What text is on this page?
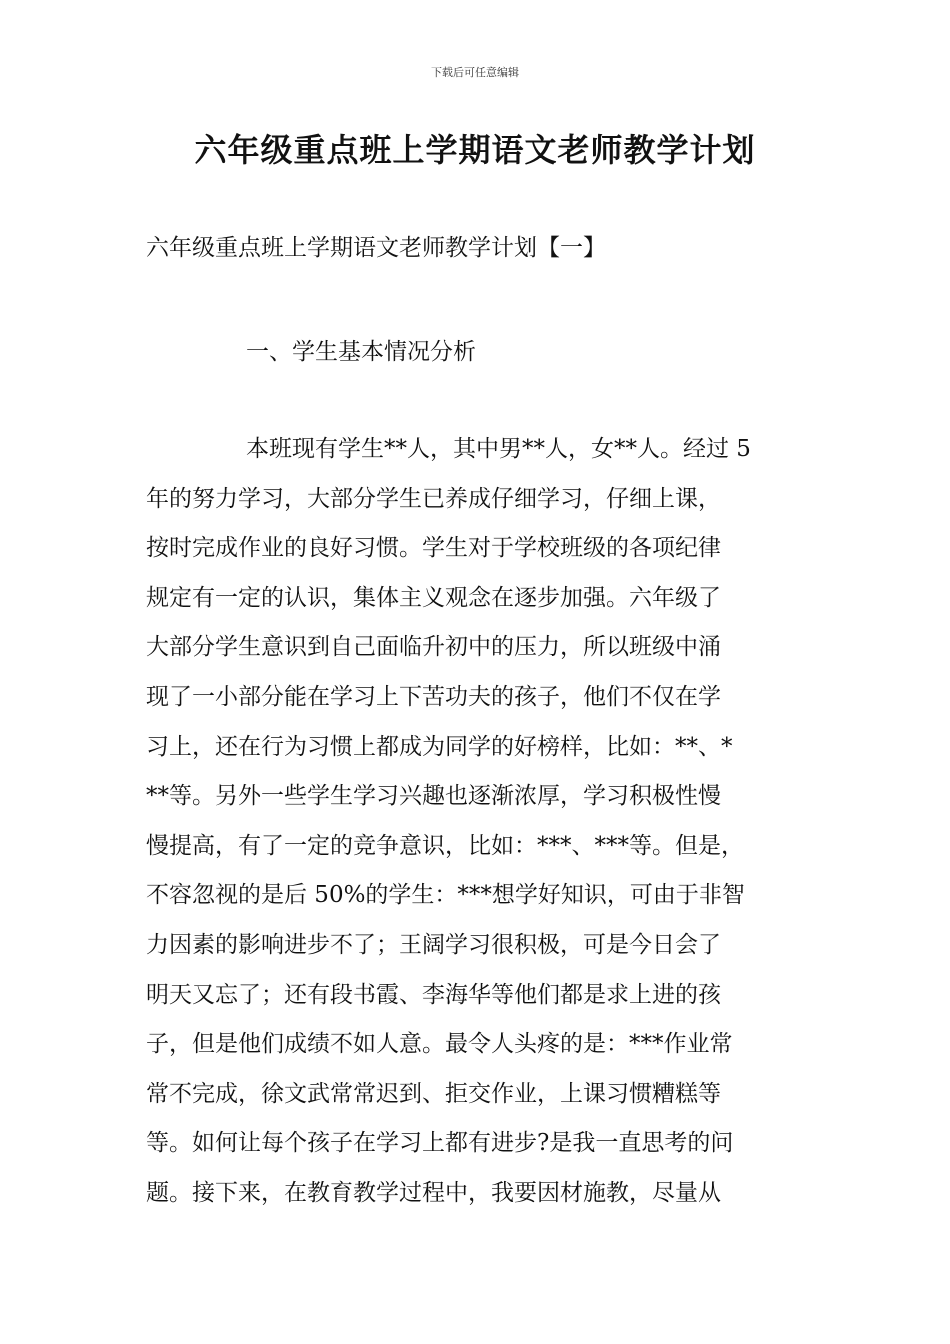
下载后可任意编辑
六年级重点班上学期语文老师教学计划
六年级重点班上学期语文老师教学计划【一】
一、学生基本情况分析
本班现有学生**人，其中男**人，女**人。经过 5
年的努力学习，大部分学生已养成仔细学习，仔细上课，
按时完成作业的良好习惯。学生对于学校班级的各项纪律
规定有一定的认识，集体主义观念在逐步加强。六年级了
大部分学生意识到自己面临升初中的压力，所以班级中涌
现了一小部分能在学习上下苦功夫的孩子，他们不仅在学
习上，还在行为习惯上都成为同学的好榜样，比如：**、*
**等。另外一些学生学习兴趣也逐渐浓厚，学习积极性慢
慢提高，有了一定的竞争意识，比如：***、***等。但是，
不容忽视的是后 50%的学生：***想学好知识，可由于非智
力因素的影响进步不了；王阔学习很积极，可是今日会了
明天又忘了；还有段书霞、李海华等他们都是求上进的孩
子，但是他们成绩不如人意。最令人头疼的是：***作业常
常不完成，徐文武常常迟到、拒交作业，上课习惯糟糕等
等。如何让每个孩子在学习上都有进步?是我一直思考的问
题。接下来，在教育教学过程中，我要因材施教，尽量从
